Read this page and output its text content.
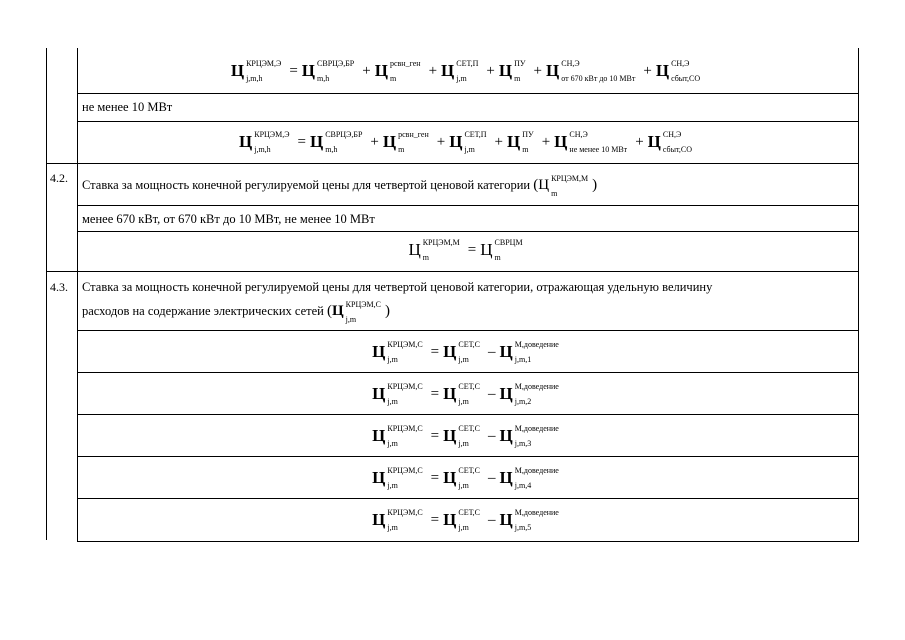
Ц КРЦЭМ,Э
j,m,h	= Ц СВРЦЭ,БР
m,h	+ Ц рсвн_ген
m	+ Ц СЕТ,П
j,m	+ Ц ПУ
m + Ц СН,Э
от 670 кВт до 10 МВт + Ц СН,Э
сбыт,СО
не менее 10 МВт
Ц КРЦЭМ,Э
j,m,h	= Ц СВРЦЭ,БР
m,h	+ Ц рсвн_ген
m	+ Ц СЕТ,П
j,m	+ Ц ПУ
m + Ц СН,Э
не менее 10 МВт + Ц СН,Э
сбыт,СО
4.2. Ставка за мощность конечной регулируемой цены для четвертой ценовой категории (Ц КРЦЭМ,М
m
)
менее 670 кВт, от 670 кВт до 10 МВт, не менее 10 МВт
Ц КРЦЭМ,М
m	= Ц СВРЦМ
m
4.3. Ставка за мощность конечной регулируемой цены для четвертой ценовой категории, отражающая удельную величину
расходов на содержание электрических сетей (Ц КРЦЭМ,С
j,m
)
Ц КРЦЭМ,С
j,m	= Ц СЕТ,С
j,m	– Ц М,доведение
j,m,1
Ц КРЦЭМ,С
j,m	= Ц СЕТ,С
j,m	– Ц М,доведение
j,m,2
Ц КРЦЭМ,С
j,m	= Ц СЕТ,С
j,m	– Ц М,доведение
j,m,3
Ц КРЦЭМ,С
j,m	= Ц СЕТ,С
j,m	– Ц М,доведение
j,m,4
Ц КРЦЭМ,С
j,m	= Ц СЕТ,С
j,m	– Ц М,доведение
j,m,5
